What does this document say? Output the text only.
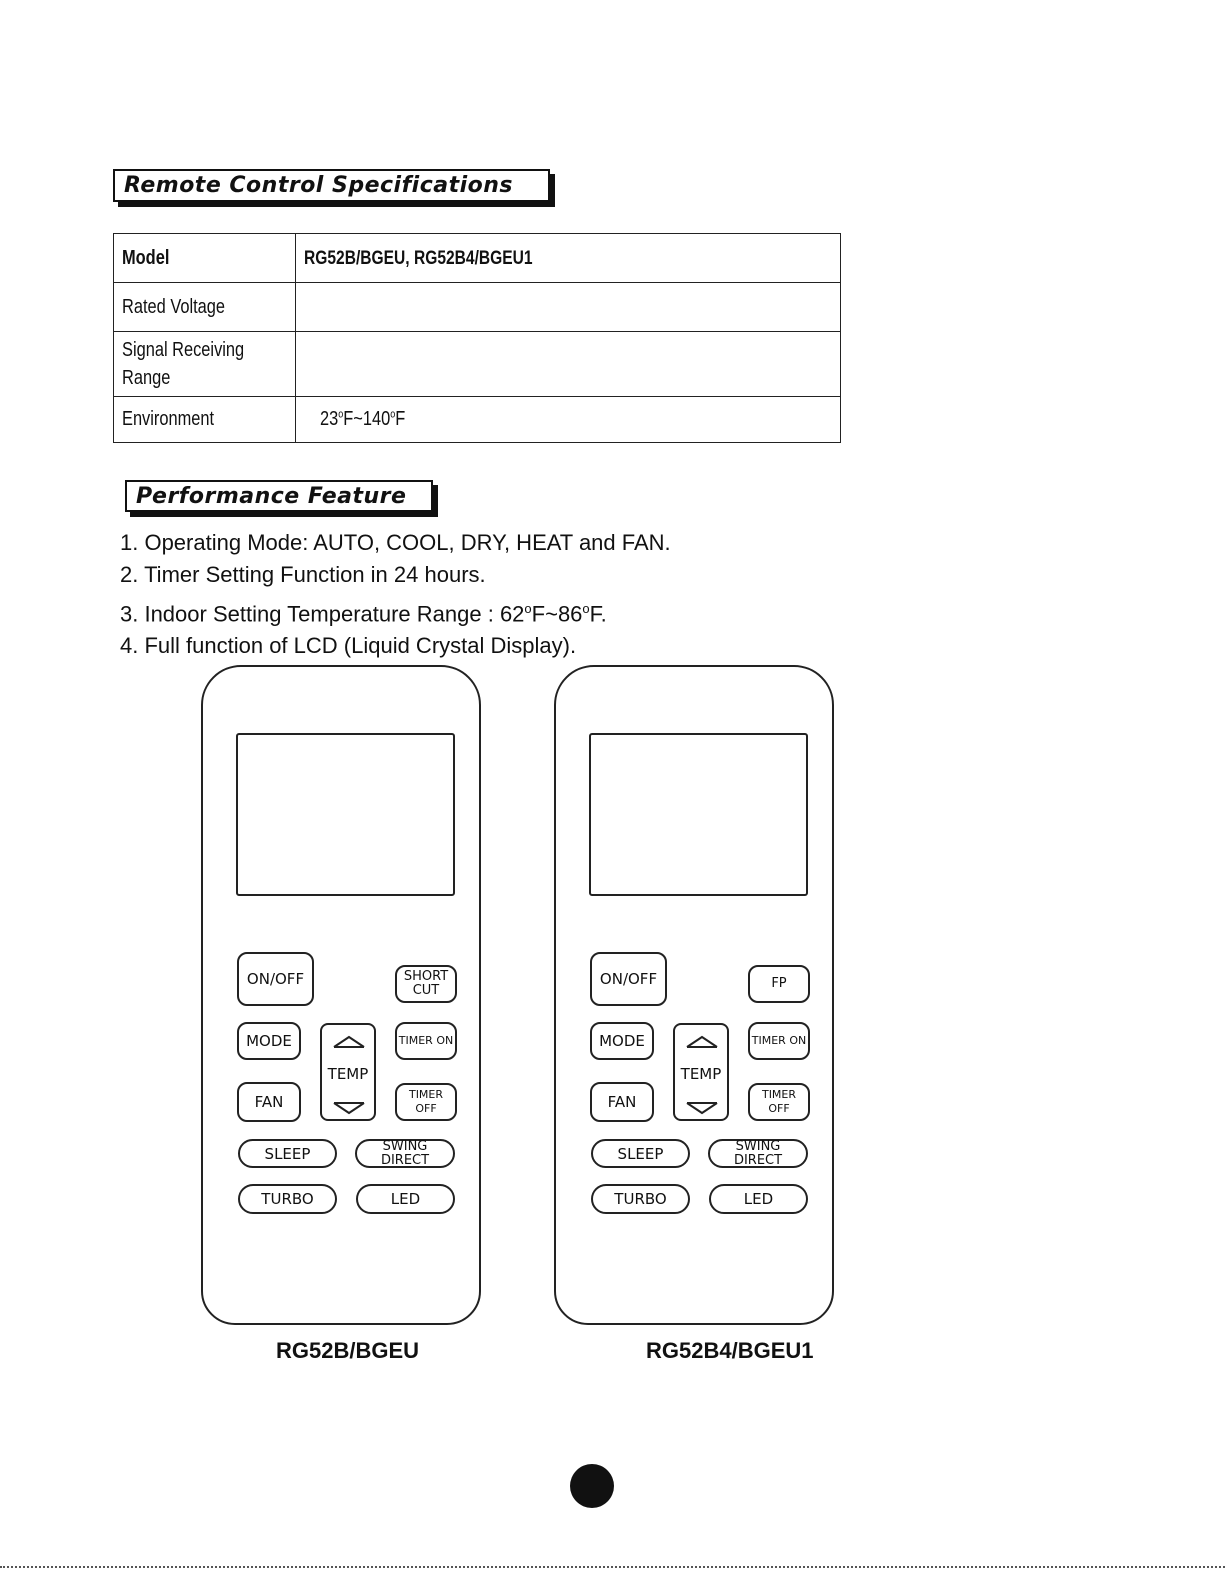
Remote Control Specifications
Model	RG52B/BGEU, RG52B4/BGEU1
Rated Voltage	
Signal Receiving
Range	
Environment	23$^o$F~140$^o$F
Performance Feature
1. Operating Mode: AUTO, COOL, DRY, HEAT and FAN.
2. Timer Setting Function in 24 hours.
3. Indoor Setting Temperature Range : 62$^o$F~86$^o$F.
4. Full function of LCD (Liquid Crystal Display).
ON/OFF	SHORT
CUT
MODE
TEMP
TIMER ON
FAN	TIMER OFF
SLEEP	SWING DIRECT
TURBO	LED
RG52B/BGEU
ON/OFF	FP
MODE
TEMP
TIMER ON
FAN	TIMER OFF
SLEEP	SWING DIRECT
TURBO	LED
RG52B4/BGEU1
